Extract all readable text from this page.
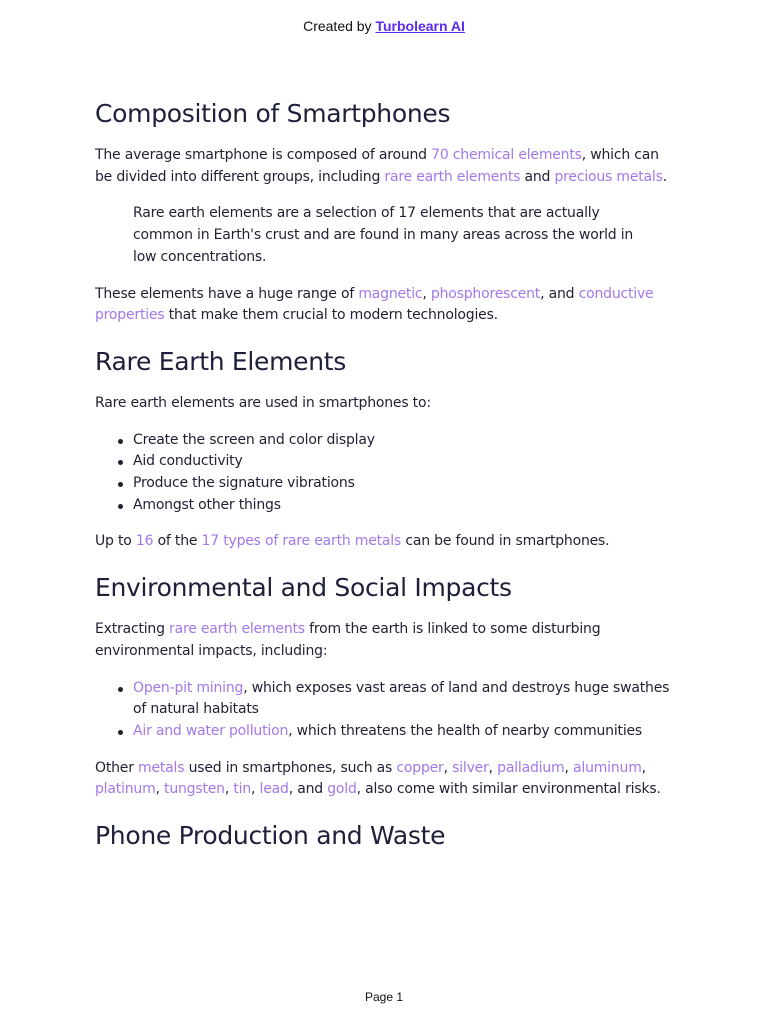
Created by Turbolearn AI
Composition of Smartphones

The average smartphone is composed of around 70 chemical elements, which can be divided into different groups, including rare earth elements and precious metals.

Rare earth elements are a selection of 17 elements that are actually common in Earth's crust and are found in many areas across the world in low concentrations.

These elements have a huge range of magnetic, phosphorescent, and conductive properties that make them crucial to modern technologies.

Rare Earth Elements

Rare earth elements are used in smartphones to:

Create the screen and color display
Aid conductivity
Produce the signature vibrations
Amongst other things

Up to 16 of the 17 types of rare earth metals can be found in smartphones.

Environmental and Social Impacts

Extracting rare earth elements from the earth is linked to some disturbing environmental impacts, including:

Open-pit mining, which exposes vast areas of land and destroys huge swathes of natural habitats
Air and water pollution, which threatens the health of nearby communities

Other metals used in smartphones, such as copper, silver, palladium, aluminum, platinum, tungsten, tin, lead, and gold, also come with similar environmental risks.

Phone Production and Waste
Page 1
